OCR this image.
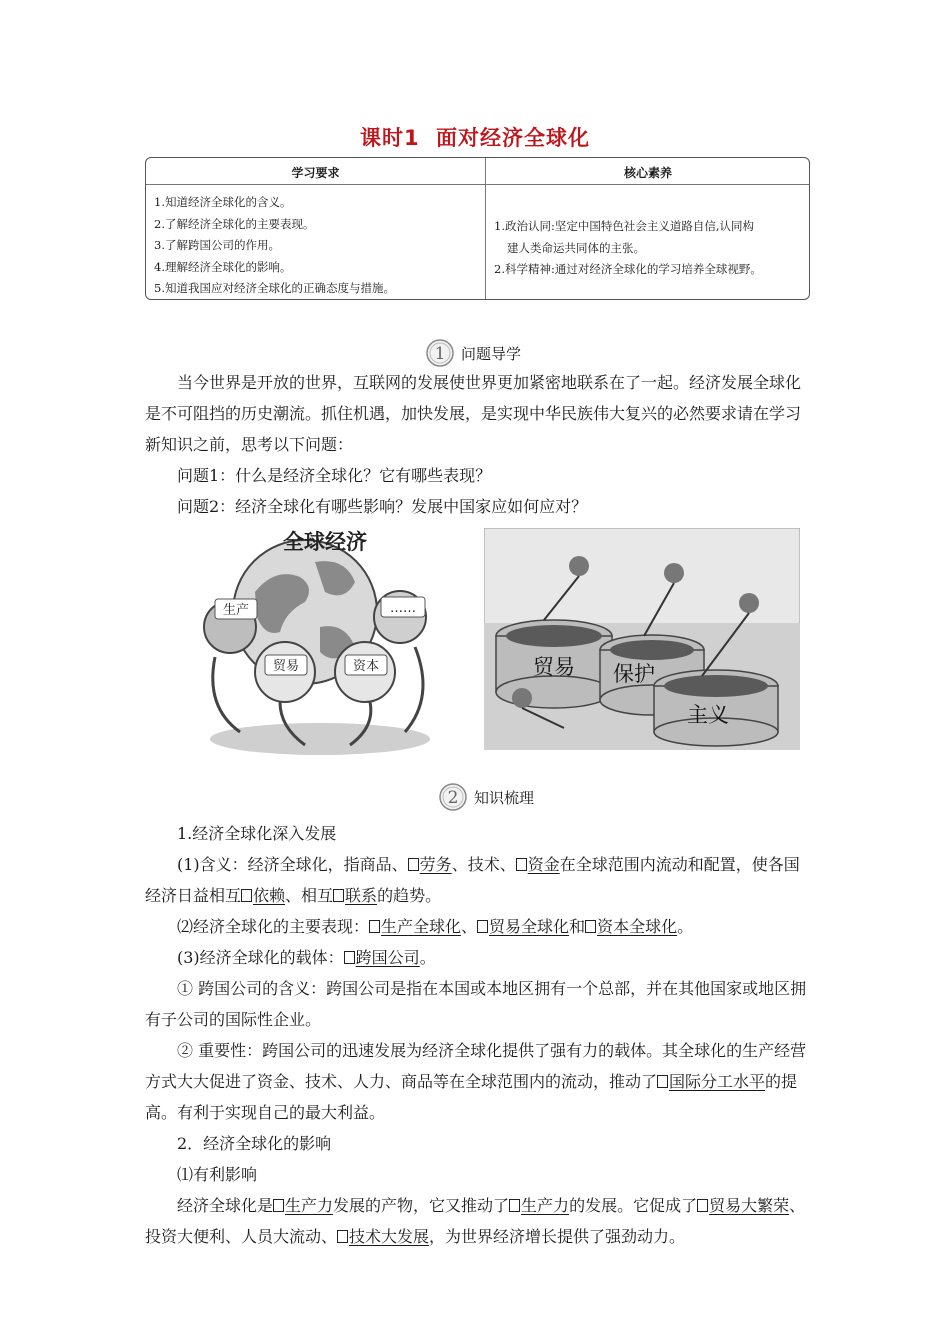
课时1 面对经济全球化
学习要求	核心素养
1.知道经济全球化的含义。
2.了解经济全球化的主要表现。
3.了解跨国公司的作用。
4.理解经济全球化的影响。
5.知道我国应对经济全球化的正确态度与措施。
1.政治认同:坚定中国特色社会主义道路自信,认同构
建人类命运共同体的主张。
2.科学精神:通过对经济全球化的学习培养全球视野。
1 问题导学

当今世界是开放的世界，互联网的发展使世界更加紧密地联系在了一起。经济发展全球化是不可阻挡的历史潮流。抓住机遇，加快发展，是实现中华民族伟大复兴的必然要求请在学习新知识之前，思考以下问题：

问题1：什么是经济全球化？它有哪些表现？

问题2：经济全球化有哪些影响？发展中国家应如何应对？

全球经济
生产
贸易	资本
……
贸易 保护
主义
2 知识梳理

1.经济全球化深入发展

(1)含义：经济全球化，指商品、 劳务、技术、 资金在全球范围内流动和配置，使各国经济日益相互 依赖、相互 联系的趋势。

⑵经济全球化的主要表现： 生产全球化、 贸易全球化和 资本全球化。

(3)经济全球化的载体： 跨国公司。

① 跨国公司的含义：跨国公司是指在本国或本地区拥有一个总部，并在其他国家或地区拥有子公司的国际性企业。

② 重要性：跨国公司的迅速发展为经济全球化提供了强有力的载体。其全球化的生产经营方式大大促进了资金、技术、人力、商品等在全球范围内的流动，推动了 国际分工水平的提高。有利于实现自己的最大利益。

2．经济全球化的影响

⑴有利影响

经济全球化是 生产力发展的产物，它又推动了 生产力的发展。它促成了 贸易大繁荣、投资大便利、人员大流动、 技术大发展，为世界经济增长提供了强劲动力。
